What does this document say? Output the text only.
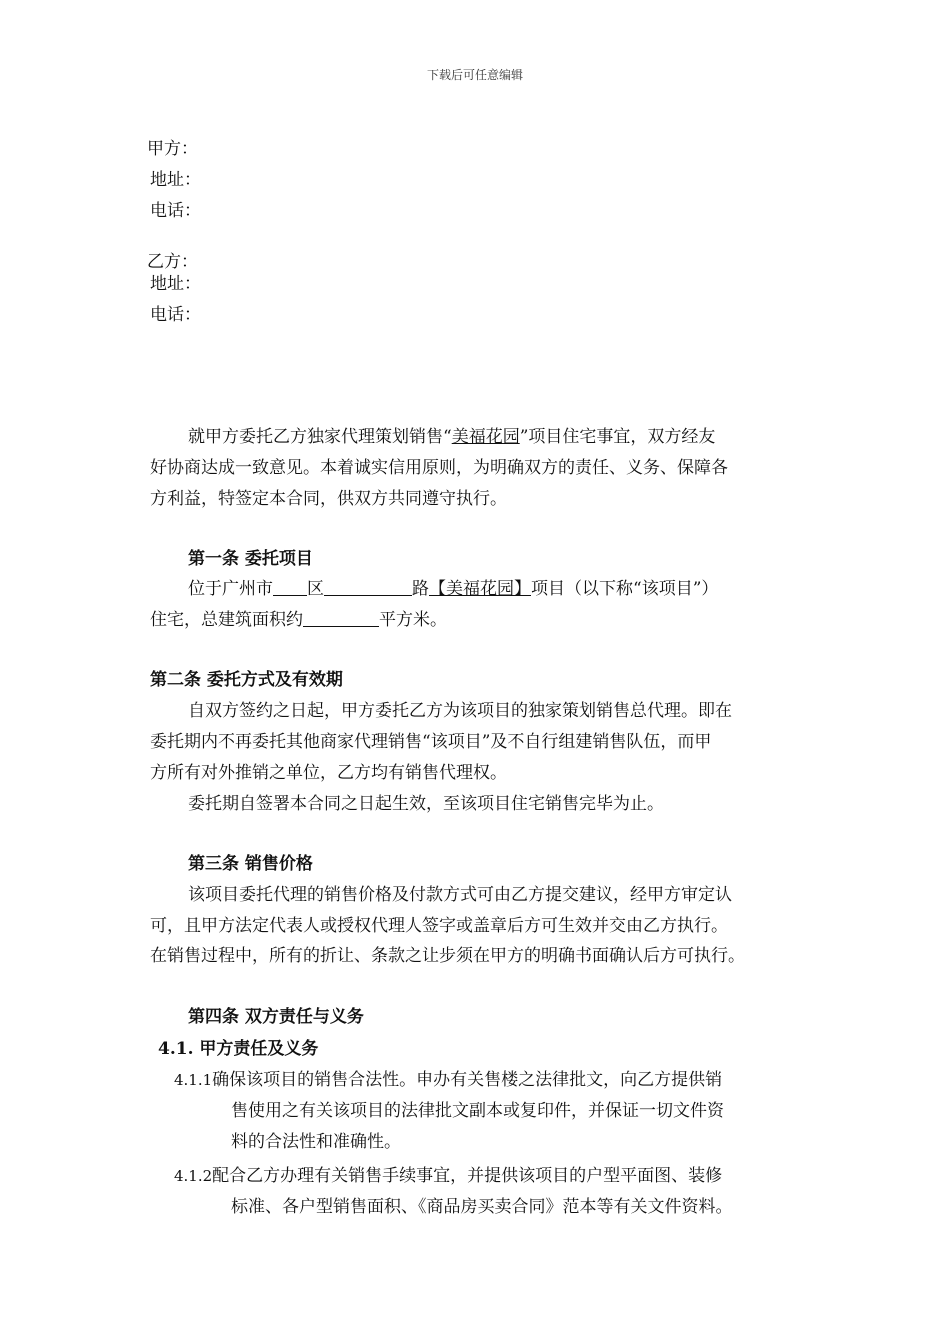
下载后可任意编辑
甲方：
地址：
电话：
乙方：
地址：
电话：
就甲方委托乙方独家代理策划销售“美福花园”项目住宅事宜，双方经友
好协商达成一致意见。本着诚实信用原则，为明确双方的责任、义务、保障各
方利益，特签定本合同，供双方共同遵守执行。
第一条 委托项目
位于广州市 区	路【美福花园】项目（以下称“该项目”）
住宅，总建筑面积约	平方米。
第二条 委托方式及有效期
自双方签约之日起，甲方委托乙方为该项目的独家策划销售总代理。即在
委托期内不再委托其他商家代理销售“该项目”及不自行组建销售队伍，而甲
方所有对外推销之单位，乙方均有销售代理权。
委托期自签署本合同之日起生效，至该项目住宅销售完毕为止。
第三条 销售价格
该项目委托代理的销售价格及付款方式可由乙方提交建议，经甲方审定认
可，且甲方法定代表人或授权代理人签字或盖章后方可生效并交由乙方执行。
在销售过程中，所有的折让、条款之让步须在甲方的明确书面确认后方可执行。
第四条 双方责任与义务
4.1. 甲方责任及义务
4.1.1确保该项目的销售合法性。申办有关售楼之法律批文，向乙方提供销
售使用之有关该项目的法律批文副本或复印件，并保证一切文件资
料的合法性和准确性。
4.1.2配合乙方办理有关销售手续事宜，并提供该项目的户型平面图、装修
标准、各户型销售面积、《商品房买卖合同》范本等有关文件资料。
